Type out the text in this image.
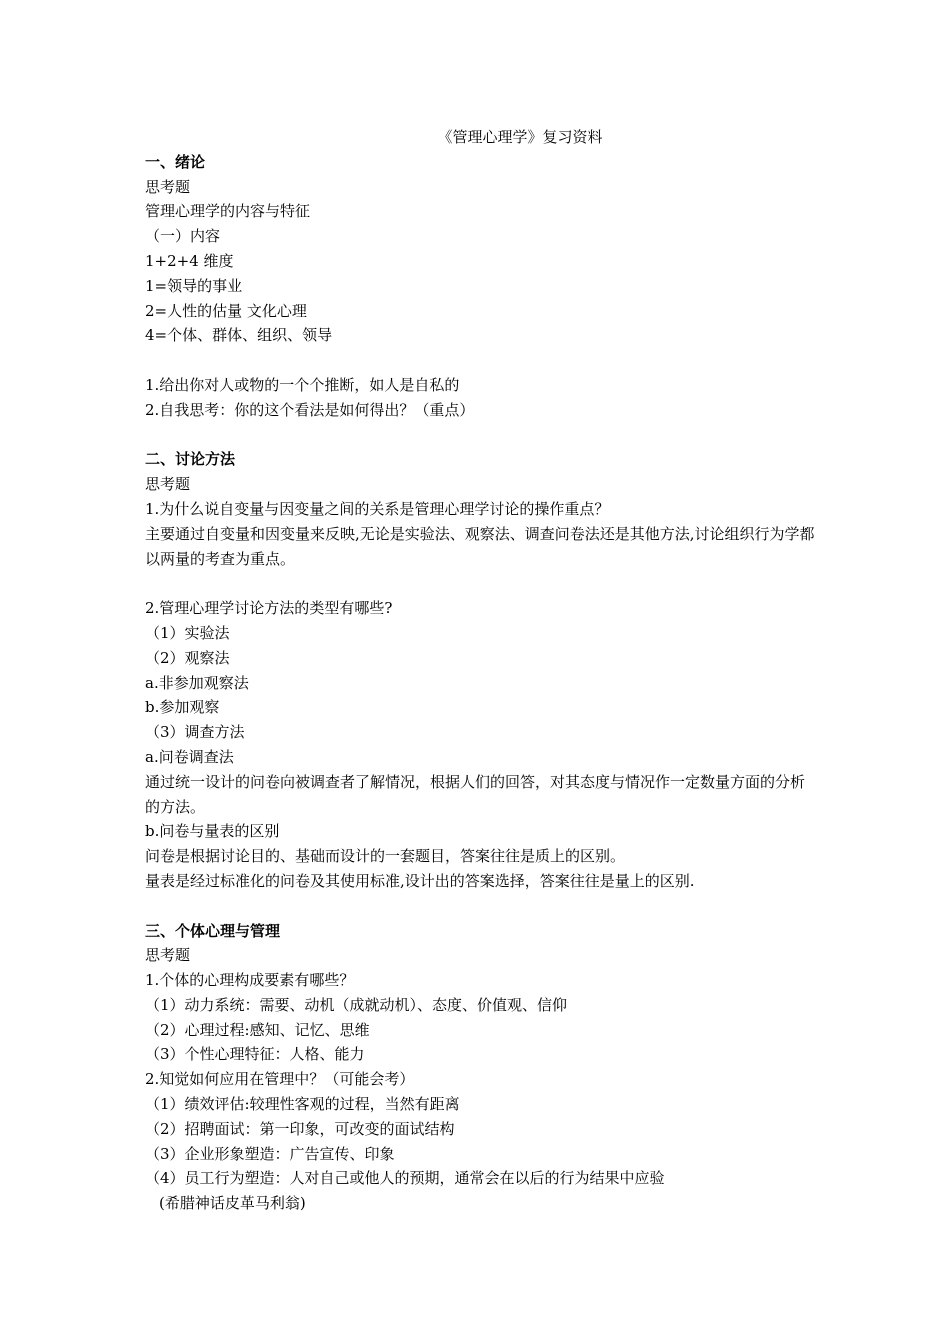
《管理心理学》复习资料
一、绪论
思考题
管理心理学的内容与特征
（一）内容
1+2+4 维度
1=领导的事业
2=人性的估量 文化心理
4=个体、群体、组织、领导
1.给出你对人或物的一个个推断，如人是自私的
2.自我思考：你的这个看法是如何得出？（重点）
二、讨论方法
思考题
1.为什么说自变量与因变量之间的关系是管理心理学讨论的操作重点？
主要通过自变量和因变量来反映,无论是实验法、观察法、调查问卷法还是其他方法,讨论组织行为学都以两量的考查为重点。
2.管理心理学讨论方法的类型有哪些?
（1）实验法
（2）观察法
a.非参加观察法
b.参加观察
（3）调查方法
a.问卷调查法
通过统一设计的问卷向被调查者了解情况，根据人们的回答，对其态度与情况作一定数量方面的分析的方法。
b.问卷与量表的区别
问卷是根据讨论目的、基础而设计的一套题目，答案往往是质上的区别。
量表是经过标准化的问卷及其使用标准,设计出的答案选择，答案往往是量上的区别.
三、个体心理与管理
思考题
1.个体的心理构成要素有哪些？
（1）动力系统：需要、动机（成就动机）、态度、价值观、信仰
（2）心理过程:感知、记忆、思维
（3）个性心理特征：人格、能力
2.知觉如何应用在管理中？（可能会考）
（1）绩效评估:较理性客观的过程，当然有距离
（2）招聘面试：第一印象，可改变的面试结构
（3）企业形象塑造：广告宣传、印象
（4）员工行为塑造：人对自己或他人的预期，通常会在以后的行为结果中应验
(希腊神话皮革马利翁)
